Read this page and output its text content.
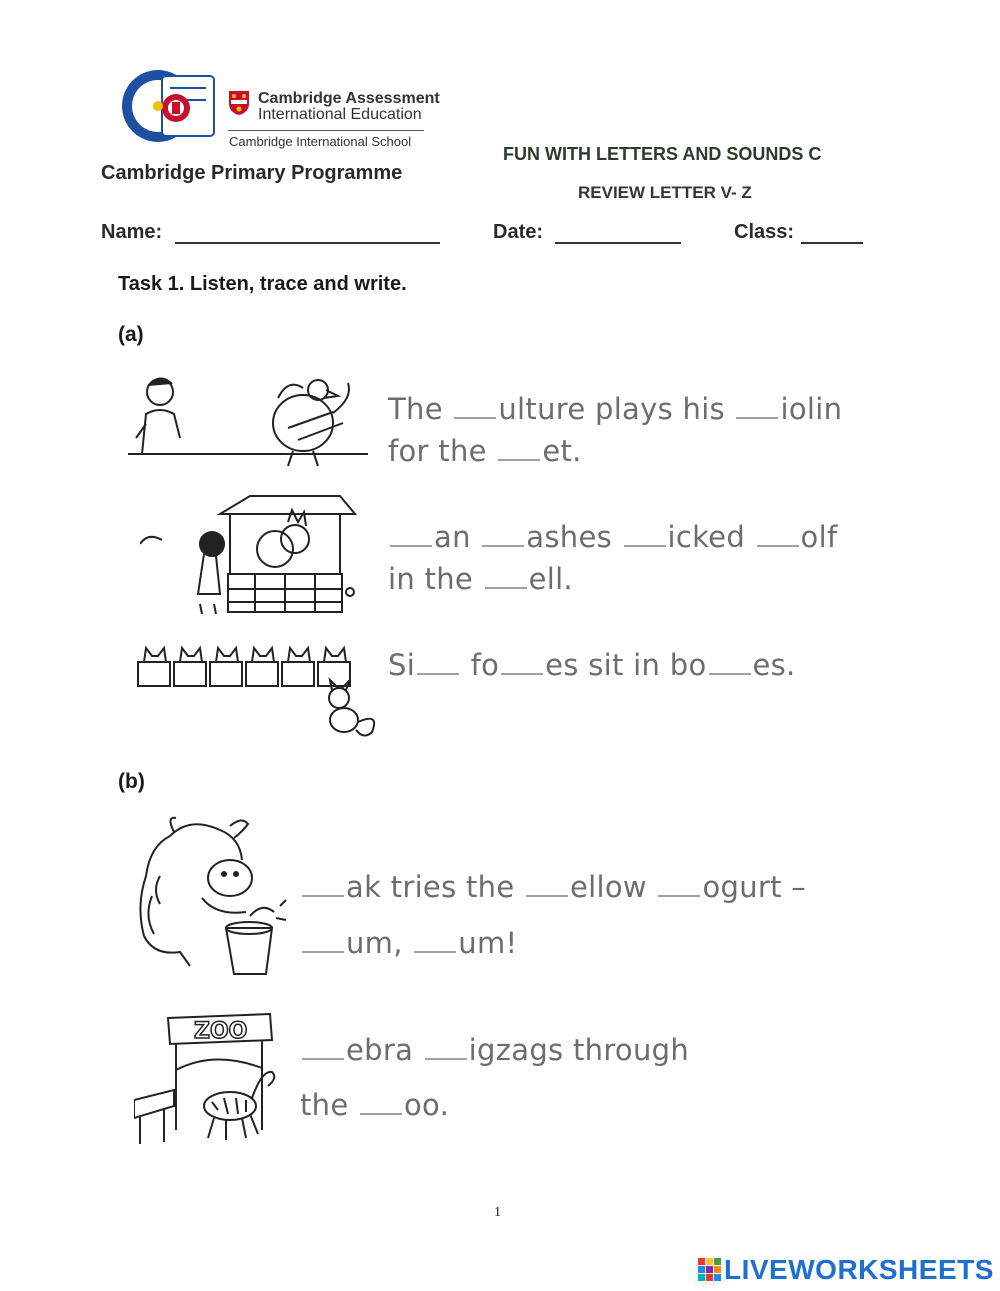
Cambridge Assessment
International Education
Cambridge International School
Cambridge Primary Programme
FUN WITH LETTERS AND SOUNDS C
REVIEW LETTER V- Z
Name:	Date:	Class:
Task 1. Listen, trace and write.
(a)
The ulture plays his iolin
for the et.
an ashes icked olf
in the ell.
Si fo es sit in bo es.
(b)
ak tries the ellow ogurt –
um, um!
ZOO
ebra igzags through
the oo.
1
LIVEWORKSHEETS
